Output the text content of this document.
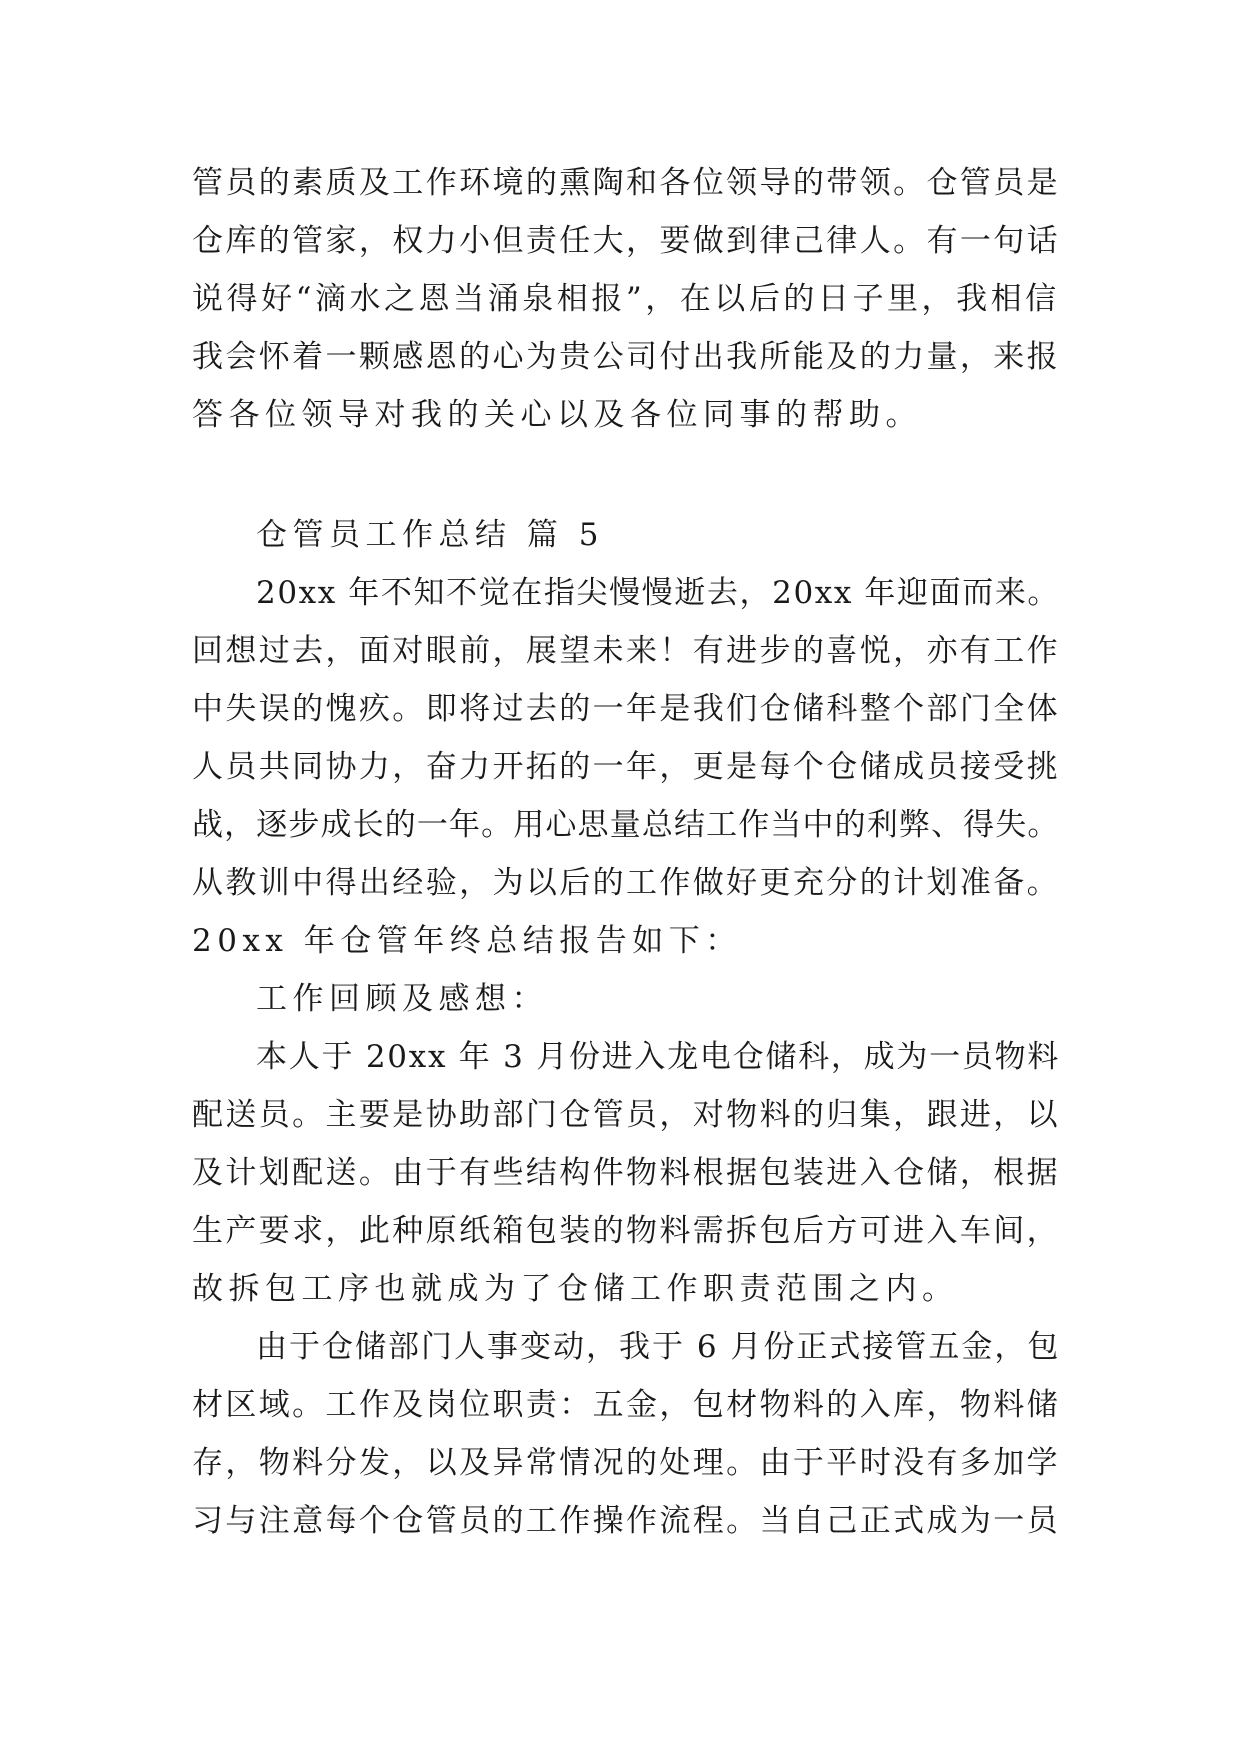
管员的素质及工作环境的熏陶和各位领导的带领。仓管员是
仓库的管家，权力小但责任大，要做到律己律人。有一句话
说得好“滴水之恩当涌泉相报”，在以后的日子里，我相信
我会怀着一颗感恩的心为贵公司付出我所能及的力量，来报
答各位领导对我的关心以及各位同事的帮助。
仓管员工作总结 篇 5
20xx 年不知不觉在指尖慢慢逝去，20xx 年迎面而来。
回想过去，面对眼前，展望未来！有进步的喜悦，亦有工作
中失误的愧疚。即将过去的一年是我们仓储科整个部门全体
人员共同协力，奋力开拓的一年，更是每个仓储成员接受挑
战，逐步成长的一年。用心思量总结工作当中的利弊、得失。
从教训中得出经验，为以后的工作做好更充分的计划准备。
20xx 年仓管年终总结报告如下：
工作回顾及感想：
本人于 20xx 年 3 月份进入龙电仓储科，成为一员物料
配送员。主要是协助部门仓管员，对物料的归集，跟进，以
及计划配送。由于有些结构件物料根据包装进入仓储，根据
生产要求，此种原纸箱包装的物料需拆包后方可进入车间，
故拆包工序也就成为了仓储工作职责范围之内。
由于仓储部门人事变动，我于 6 月份正式接管五金，包
材区域。工作及岗位职责：五金，包材物料的入库，物料储
存，物料分发，以及异常情况的处理。由于平时没有多加学
习与注意每个仓管员的工作操作流程。当自己正式成为一员
